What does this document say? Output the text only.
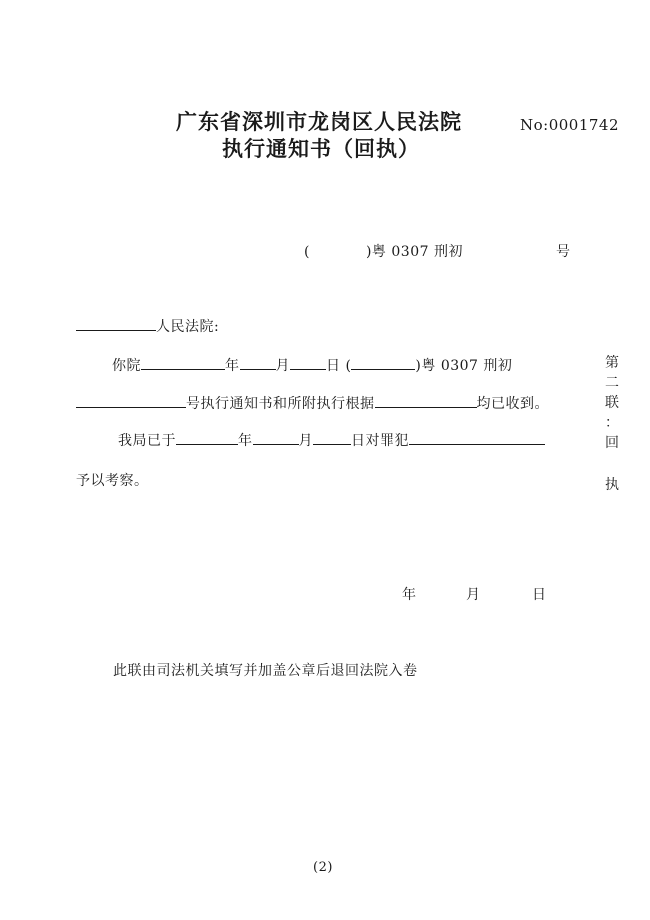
广东省深圳市龙岗区人民法院
执行通知书（回执）
No:0001742
(	)粤 0307 刑初	号
人民法院:
你院	年	月	日 (	)粤 0307 刑初
号执行通知书和所附执行根据	均已收到。
我局已于	年	月	日对罪犯
予以考察。
年	月	日
此联由司法机关填写并加盖公章后退回法院入卷
第
二
联
：
回
执
(2)
